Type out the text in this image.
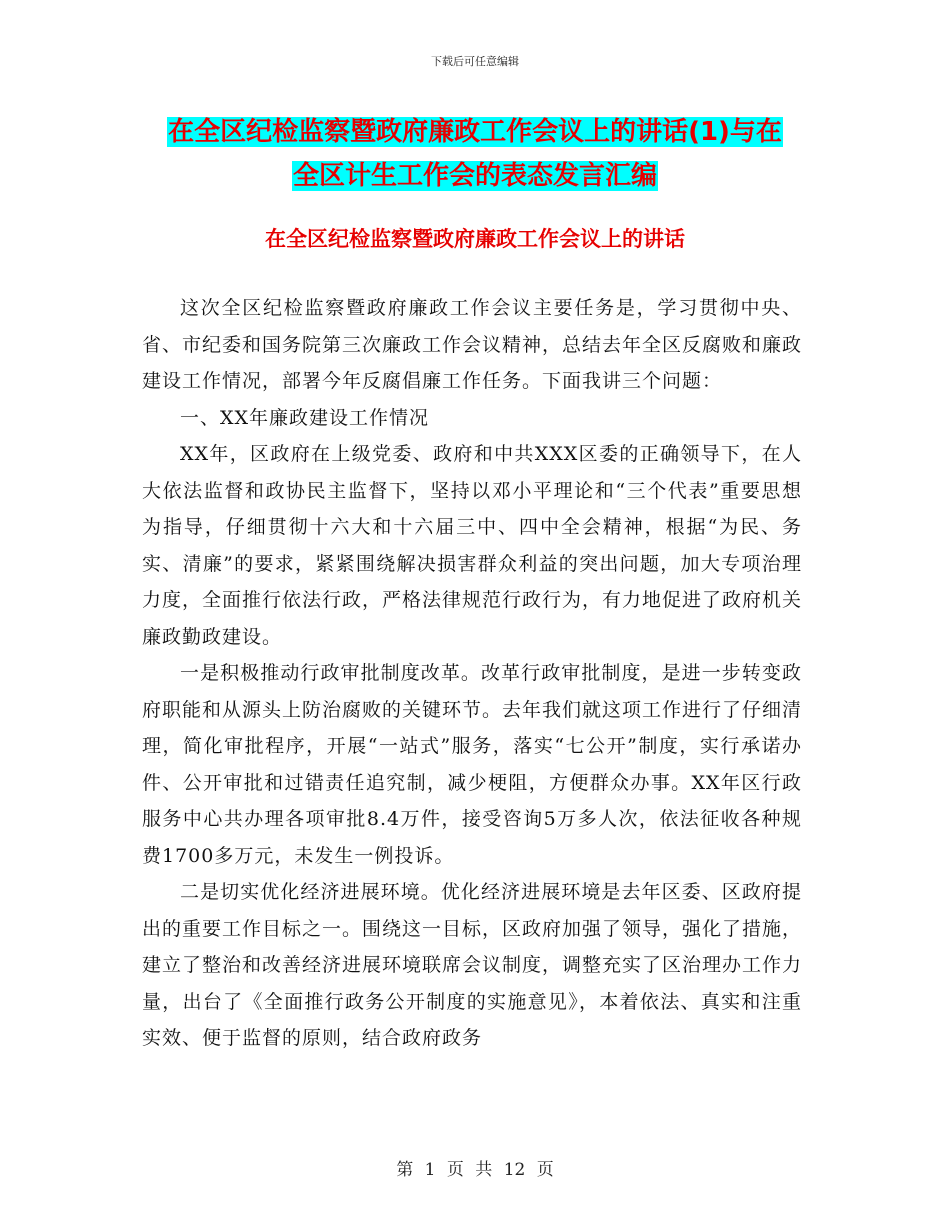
下载后可任意编辑
在全区纪检监察暨政府廉政工作会议上的讲话(1)与在
全区计生工作会的表态发言汇编
在全区纪检监察暨政府廉政工作会议上的讲话

这次全区纪检监察暨政府廉政工作会议主要任务是，学习贯彻中央、省、市纪委和国务院第三次廉政工作会议精神，总结去年全区反腐败和廉政建设工作情况，部署今年反腐倡廉工作任务。下面我讲三个问题：

一、XX年廉政建设工作情况

XX年，区政府在上级党委、政府和中共XXX区委的正确领导下，在人大依法监督和政协民主监督下，坚持以邓小平理论和“三个代表”重要思想为指导，仔细贯彻十六大和十六届三中、四中全会精神，根据“为民、务实、清廉”的要求，紧紧围绕解决损害群众利益的突出问题，加大专项治理力度，全面推行依法行政，严格法律规范行政行为，有力地促进了政府机关廉政勤政建设。

一是积极推动行政审批制度改革。改革行政审批制度，是进一步转变政府职能和从源头上防治腐败的关键环节。去年我们就这项工作进行了仔细清理，简化审批程序，开展“一站式”服务，落实“七公开”制度，实行承诺办件、公开审批和过错责任追究制，减少梗阻，方便群众办事。XX年区行政服务中心共办理各项审批8.4万件，接受咨询5万多人次，依法征收各种规费1700多万元，未发生一例投诉。

二是切实优化经济进展环境。优化经济进展环境是去年区委、区政府提出的重要工作目标之一。围绕这一目标，区政府加强了领导，强化了措施，建立了整治和改善经济进展环境联席会议制度，调整充实了区治理办工作力量，出台了《全面推行政务公开制度的实施意见》，本着依法、真实和注重实效、便于监督的原则，结合政府政务

第 1 页 共 12 页
